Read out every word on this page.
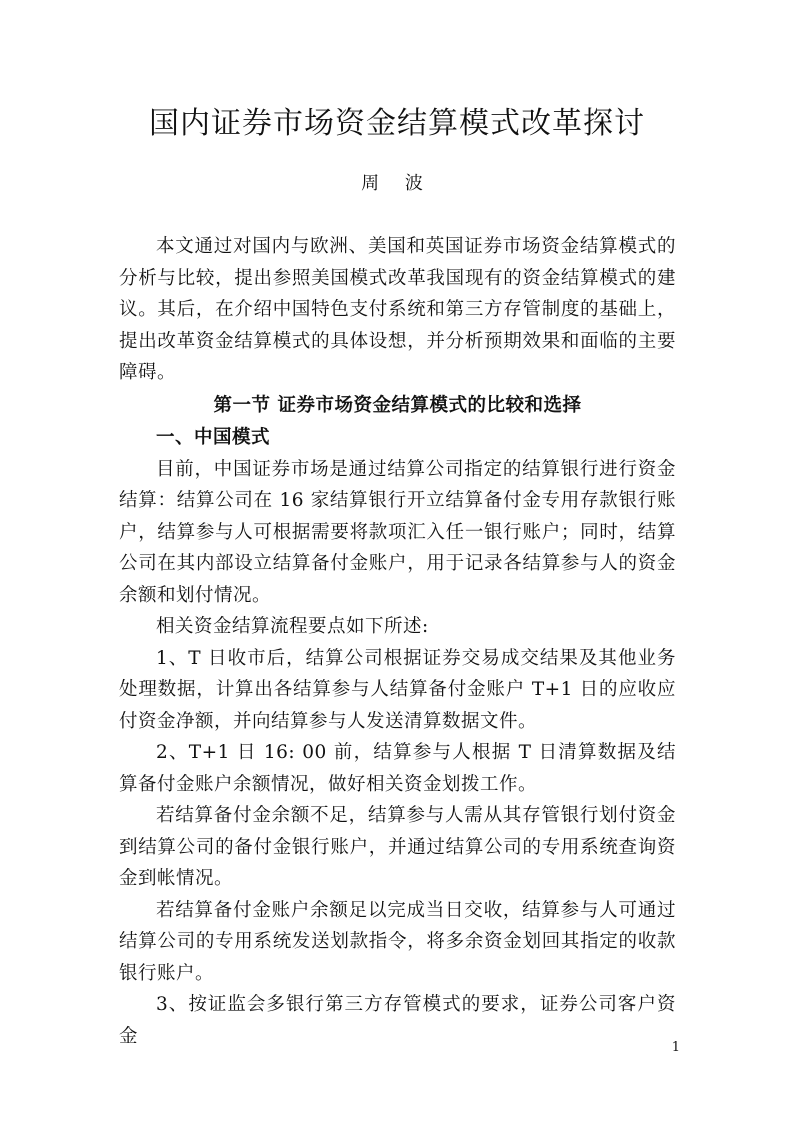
国内证券市场资金结算模式改革探讨
周 波

本文通过对国内与欧洲、美国和英国证券市场资金结算模式的分析与比较，提出参照美国模式改革我国现有的资金结算模式的建议。其后，在介绍中国特色支付系统和第三方存管制度的基础上，提出改革资金结算模式的具体设想，并分析预期效果和面临的主要障碍。

第一节 证券市场资金结算模式的比较和选择
一、中国模式

目前，中国证券市场是通过结算公司指定的结算银行进行资金结算：结算公司在 16 家结算银行开立结算备付金专用存款银行账户，结算参与人可根据需要将款项汇入任一银行账户；同时，结算公司在其内部设立结算备付金账户，用于记录各结算参与人的资金余额和划付情况。

相关资金结算流程要点如下所述:

1、T 日收市后，结算公司根据证券交易成交结果及其他业务处理数据，计算出各结算参与人结算备付金账户 T+1 日的应收应付资金净额，并向结算参与人发送清算数据文件。

2、T+1 日 16: 00 前，结算参与人根据 T 日清算数据及结算备付金账户余额情况，做好相关资金划拨工作。

若结算备付金余额不足，结算参与人需从其存管银行划付资金到结算公司的备付金银行账户，并通过结算公司的专用系统查询资金到帐情况。

若结算备付金账户余额足以完成当日交收，结算参与人可通过结算公司的专用系统发送划款指令，将多余资金划回其指定的收款银行账户。

3、按证监会多银行第三方存管模式的要求，证券公司客户资金

1
